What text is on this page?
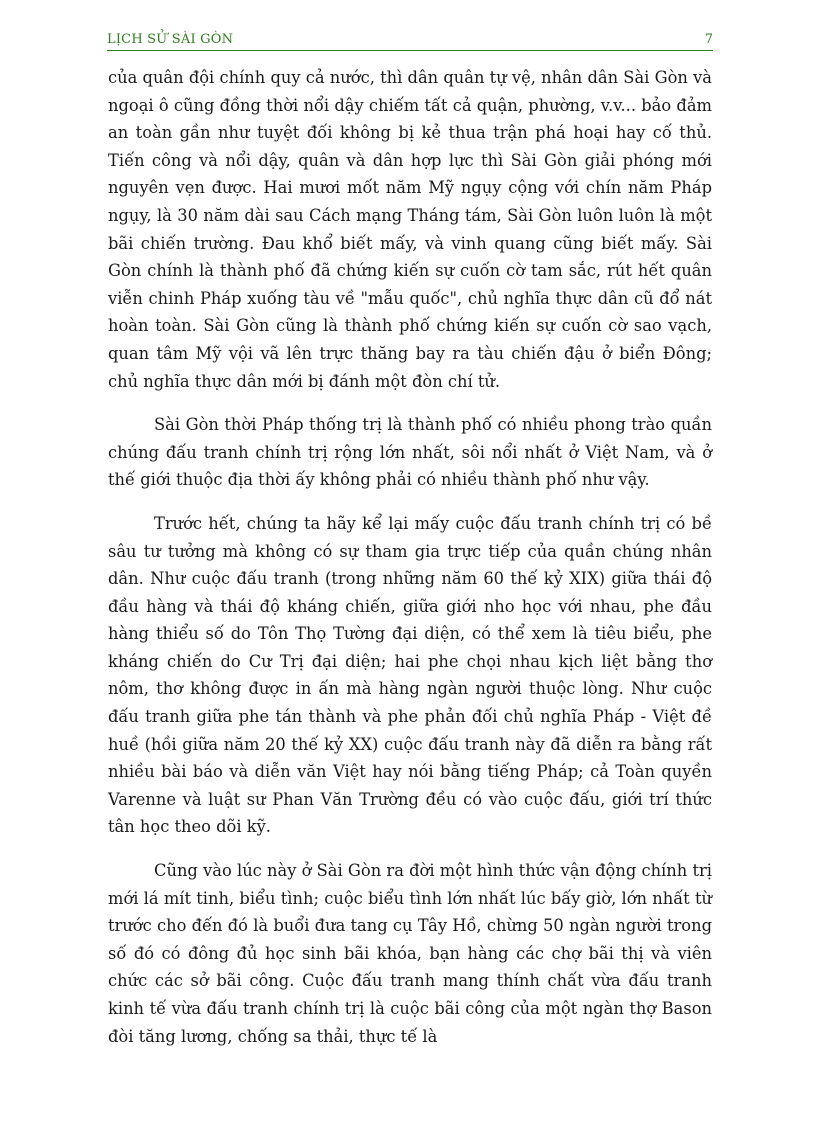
LỊCH SỬ SÀI GÒN	7

của quân đội chính quy cả nước, thì dân quân tự vệ, nhân dân Sài Gòn và ngoại ô cũng đồng thời nổi dậy chiếm tất cả quận, phường, v.v... bảo đảm an toàn gần như tuyệt đối không bị kẻ thua trận phá hoại hay cố thủ. Tiến công và nổi dậy, quân và dân hợp lực thì Sài Gòn giải phóng mới nguyên vẹn được. Hai mươi mốt năm Mỹ ngụy cộng với chín năm Pháp ngụy, là 30 năm dài sau Cách mạng Tháng tám, Sài Gòn luôn luôn là một bãi chiến trường. Đau khổ biết mấy, và vinh quang cũng biết mấy. Sài Gòn chính là thành phố đã chứng kiến sự cuốn cờ tam sắc, rút hết quân viễn chinh Pháp xuống tàu về "mẫu quốc", chủ nghĩa thực dân cũ đổ nát hoàn toàn. Sài Gòn cũng là thành phố chứng kiến sự cuốn cờ sao vạch, quan tâm Mỹ vội vã lên trực thăng bay ra tàu chiến đậu ở biển Đông; chủ nghĩa thực dân mới bị đánh một đòn chí tử.

Sài Gòn thời Pháp thống trị là thành phố có nhiều phong trào quần chúng đấu tranh chính trị rộng lớn nhất, sôi nổi nhất ở Việt Nam, và ở thế giới thuộc địa thời ấy không phải có nhiều thành phố như vậy.

Trước hết, chúng ta hãy kể lại mấy cuộc đấu tranh chính trị có bề sâu tư tưởng mà không có sự tham gia trực tiếp của quần chúng nhân dân. Như cuộc đấu tranh (trong những năm 60 thế kỷ XIX) giữa thái độ đầu hàng và thái độ kháng chiến, giữa giới nho học với nhau, phe đầu hàng thiểu số do Tôn Thọ Tường đại diện, có thể xem là tiêu biểu, phe kháng chiến do Cư Trị đại diện; hai phe chọi nhau kịch liệt bằng thơ nôm, thơ không được in ấn mà hàng ngàn người thuộc lòng. Như cuộc đấu tranh giữa phe tán thành và phe phản đối chủ nghĩa Pháp - Việt đề huề (hồi giữa năm 20 thế kỷ XX) cuộc đấu tranh này đã diễn ra bằng rất nhiều bài báo và diễn văn Việt hay nói bằng tiếng Pháp; cả Toàn quyền Varenne và luật sư Phan Văn Trường đều có vào cuộc đấu, giới trí thức tân học theo dõi kỹ.

Cũng vào lúc này ở Sài Gòn ra đời một hình thức vận động chính trị mới lá mít tinh, biểu tình; cuộc biểu tình lớn nhất lúc bấy giờ, lớn nhất từ trước cho đến đó là buổi đưa tang cụ Tây Hồ, chừng 50 ngàn người trong số đó có đông đủ học sinh bãi khóa, bạn hàng các chợ bãi thị và viên chức các sở bãi công. Cuộc đấu tranh mang thính chất vừa đấu tranh kinh tế vừa đấu tranh chính trị là cuộc bãi công của một ngàn thợ Bason đòi tăng lương, chống sa thải, thực tế là
